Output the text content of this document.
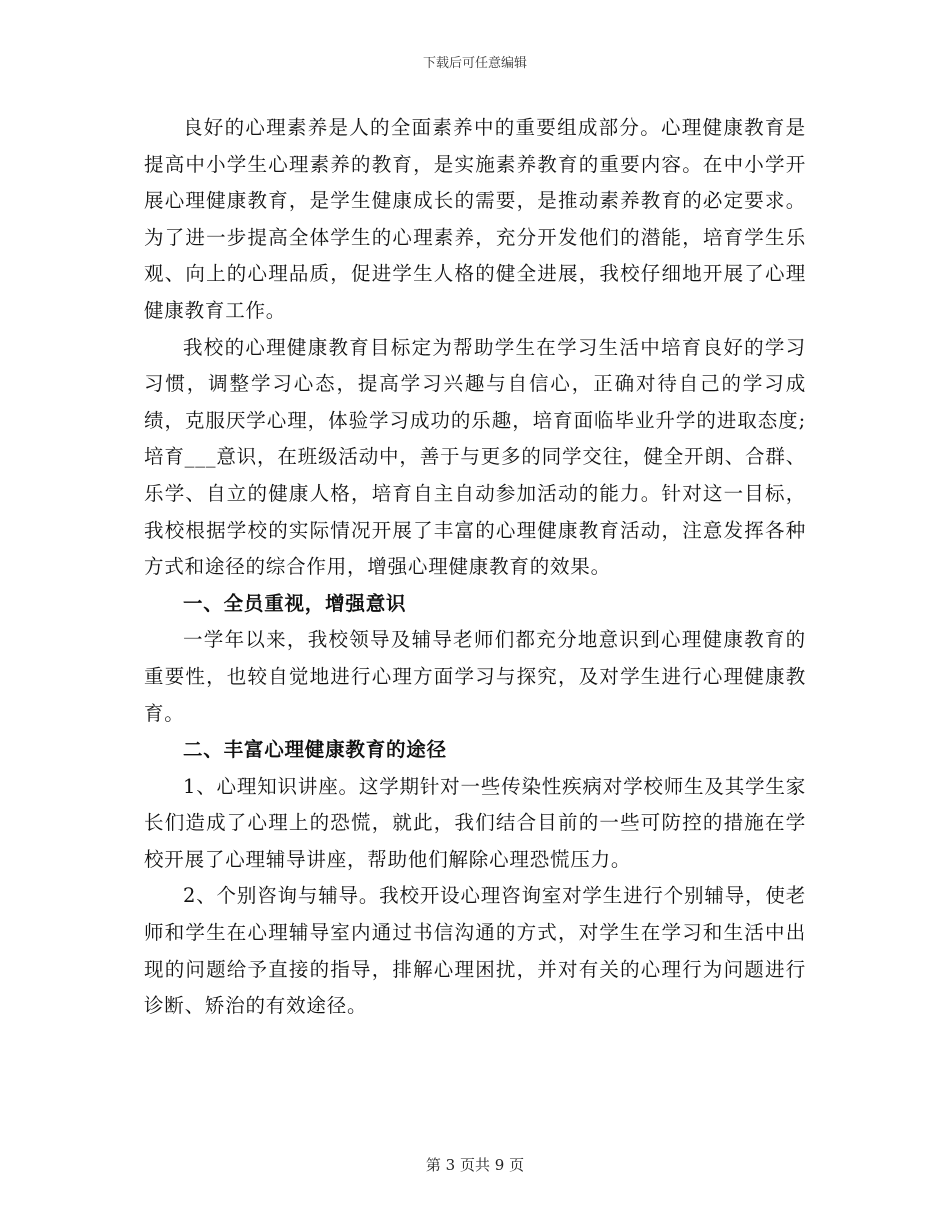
下载后可任意编辑

良好的心理素养是人的全面素养中的重要组成部分。心理健康教育是提高中小学生心理素养的教育，是实施素养教育的重要内容。在中小学开展心理健康教育，是学生健康成长的需要，是推动素养教育的必定要求。为了进一步提高全体学生的心理素养，充分开发他们的潜能，培育学生乐观、向上的心理品质，促进学生人格的健全进展，我校仔细地开展了心理健康教育工作。

我校的心理健康教育目标定为帮助学生在学习生活中培育良好的学习习惯，调整学习心态，提高学习兴趣与自信心，正确对待自己的学习成绩，克服厌学心理，体验学习成功的乐趣，培育面临毕业升学的进取态度;培育___意识，在班级活动中，善于与更多的同学交往，健全开朗、合群、乐学、自立的健康人格，培育自主自动参加活动的能力。针对这一目标，我校根据学校的实际情况开展了丰富的心理健康教育活动，注意发挥各种方式和途径的综合作用，增强心理健康教育的效果。

一、全员重视，增强意识

一学年以来，我校领导及辅导老师们都充分地意识到心理健康教育的重要性，也较自觉地进行心理方面学习与探究，及对学生进行心理健康教育。

二、丰富心理健康教育的途径

1、心理知识讲座。这学期针对一些传染性疾病对学校师生及其学生家长们造成了心理上的恐慌，就此，我们结合目前的一些可防控的措施在学校开展了心理辅导讲座，帮助他们解除心理恐慌压力。

2、个别咨询与辅导。我校开设心理咨询室对学生进行个别辅导，使老师和学生在心理辅导室内通过书信沟通的方式，对学生在学习和生活中出现的问题给予直接的指导，排解心理困扰，并对有关的心理行为问题进行诊断、矫治的有效途径。

第 3 页共 9 页
